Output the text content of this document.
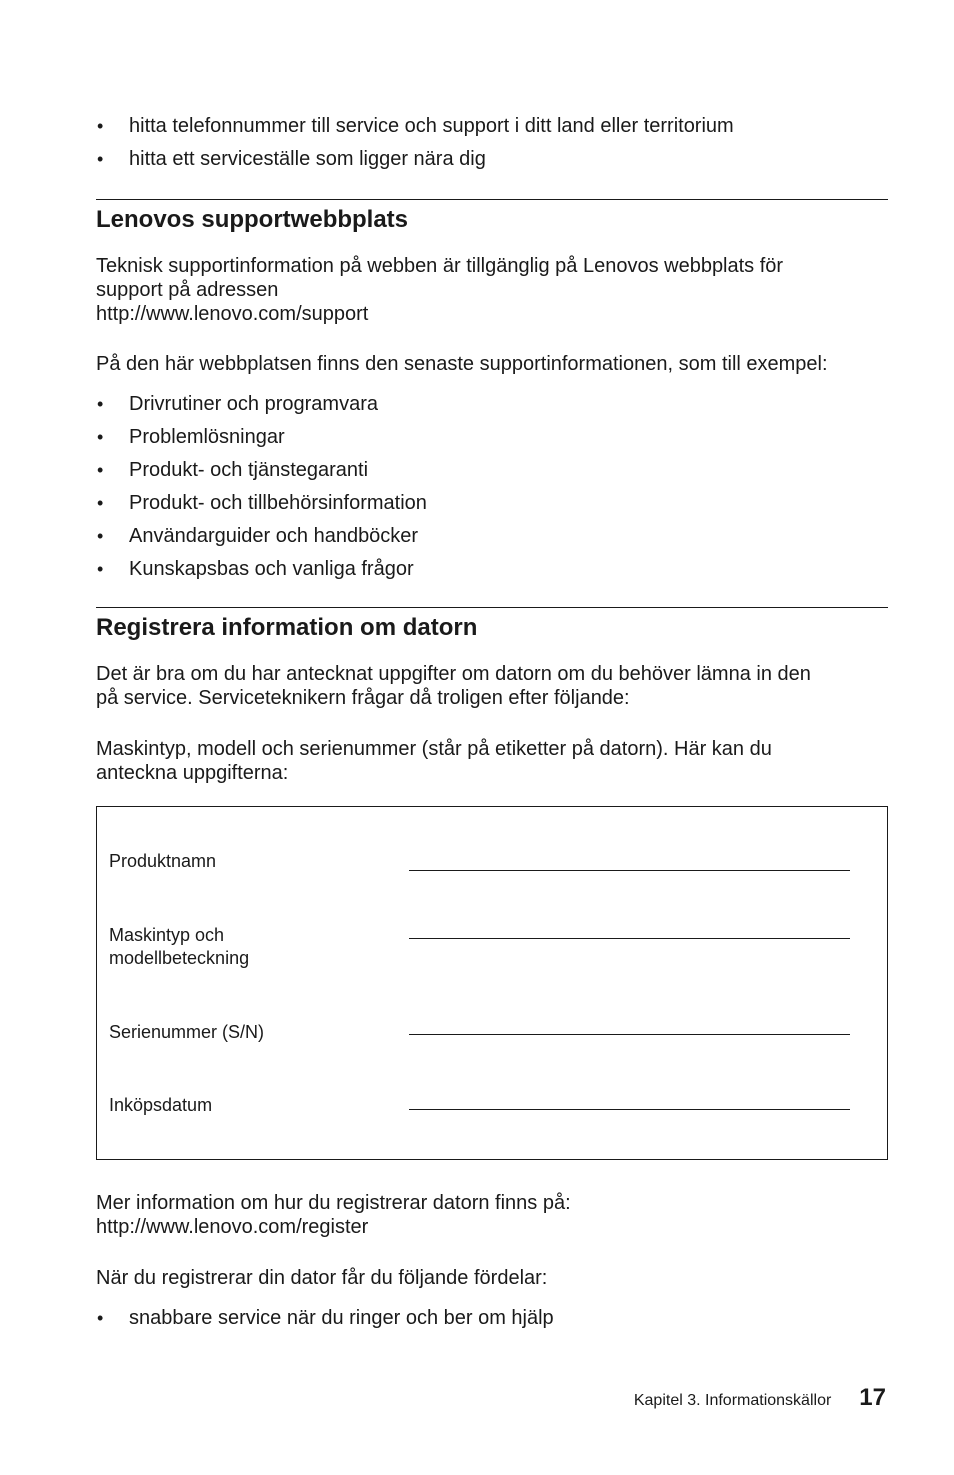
• hitta telefonnummer till service och support i ditt land eller territorium
• hitta ett serviceställe som ligger nära dig
Lenovos supportwebbplats

Teknisk supportinformation på webben är tillgänglig på Lenovos webbplats för

support på adressen

http://www.lenovo.com/support

På den här webbplatsen finns den senaste supportinformationen, som till exempel:

• Drivrutiner och programvara
• Problemlösningar
• Produkt- och tjänstegaranti
• Produkt- och tillbehörsinformation
• Användarguider och handböcker
• Kunskapsbas och vanliga frågor
Registrera information om datorn

Det är bra om du har antecknat uppgifter om datorn om du behöver lämna in den

på service. Serviceteknikern frågar då troligen efter följande:

Maskintyp, modell och serienummer (står på etiketter på datorn). Här kan du

anteckna uppgifterna:

Produktnamn
Maskintyp och
modellbeteckning
Serienummer (S/N)
Inköpsdatum

Mer information om hur du registrerar datorn finns på:

http://www.lenovo.com/register

När du registrerar din dator får du följande fördelar:

• snabbare service när du ringer och ber om hjälp
Kapitel 3. Informationskällor 17
